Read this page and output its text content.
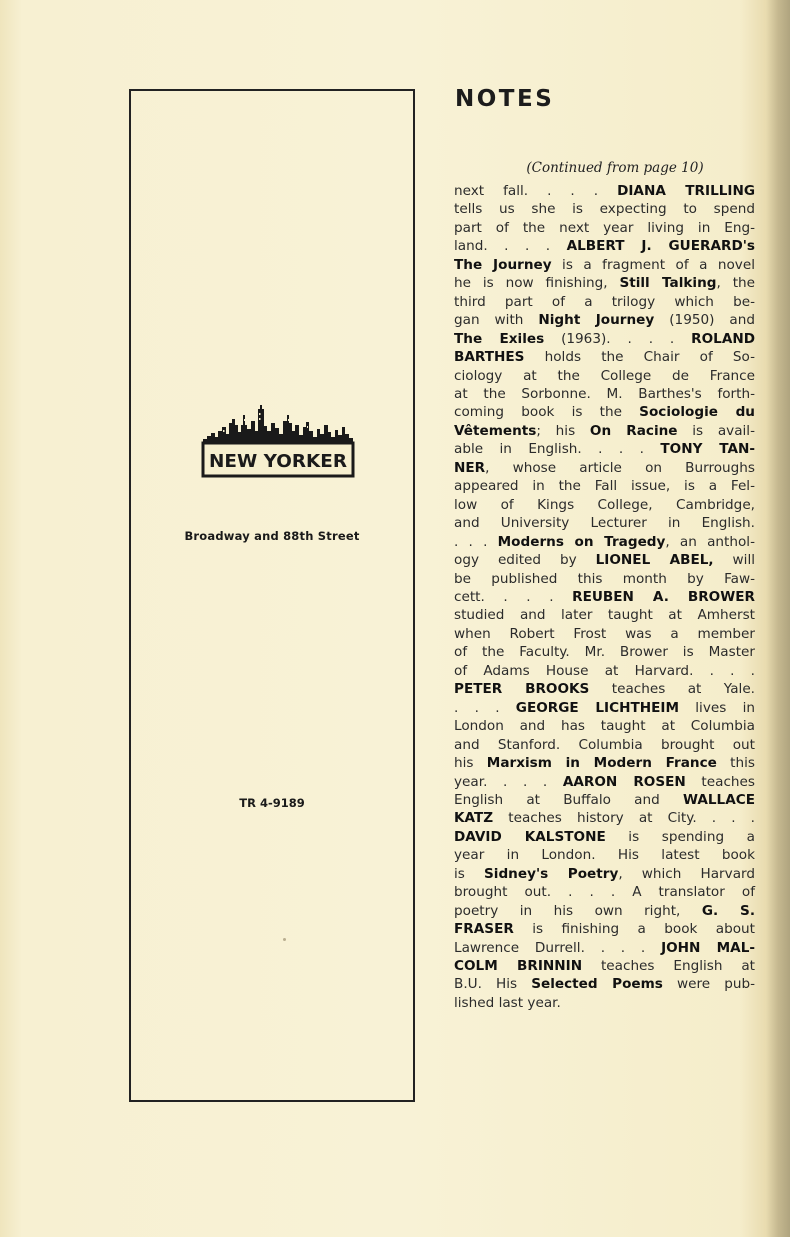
NEW YORKER
Broadway and 88th Street
TR 4-9189
NOTES
(Continued from page 10)
next fall. . . . DIANA TRILLING
tells us she is expecting to spend
part of the next year living in Eng-
land. . . . ALBERT J. GUERARD's
The Journey is a fragment of a novel
he is now finishing, Still Talking, the
third part of a trilogy which be-
gan with Night Journey (1950) and
The Exiles (1963). . . . ROLAND
BARTHES holds the Chair of So-
ciology at the College de France
at the Sorbonne. M. Barthes's forth-
coming book is the Sociologie du
Vêtements; his On Racine is avail-
able in English. . . . TONY TAN-
NER, whose article on Burroughs
appeared in the Fall issue, is a Fel-
low of Kings College, Cambridge,
and University Lecturer in English.
. . . Moderns on Tragedy, an anthol-
ogy edited by LIONEL ABEL, will
be published this month by Faw-
cett. . . . REUBEN A. BROWER
studied and later taught at Amherst
when Robert Frost was a member
of the Faculty. Mr. Brower is Master
of Adams House at Harvard. . . .
PETER BROOKS teaches at Yale.
. . . GEORGE LICHTHEIM lives in
London and has taught at Columbia
and Stanford. Columbia brought out
his Marxism in Modern France this
year. . . . AARON ROSEN teaches
English at Buffalo and WALLACE
KATZ teaches history at City. . . .
DAVID KALSTONE is spending a
year in London. His latest book
is Sidney's Poetry, which Harvard
brought out. . . . A translator of
poetry in his own right, G. S.
FRASER is finishing a book about
Lawrence Durrell. . . . JOHN MAL-
COLM BRINNIN teaches English at
B.U. His Selected Poems were pub-
lished last year.
